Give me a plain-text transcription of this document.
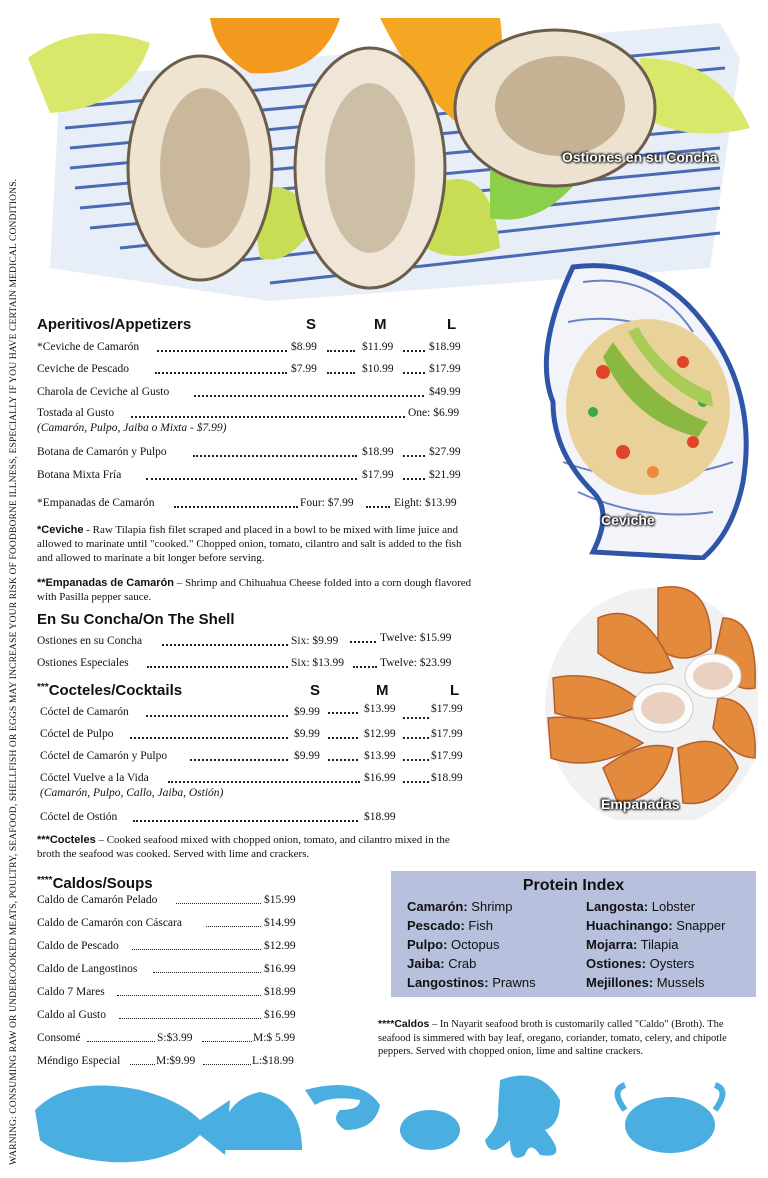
WARNING: CONSUMING RAW OR UNDERCOOKED MEATS, POULTRY, SEAFOOD, SHELLFISH OR EGGS MAY INCREASE YOUR RISK OF FOODBORNE ILLNESS, ESPECIALLY IF YOU HAVE CERTAIN MEDICAL CONDITIONS.
Ostiones en su Concha
Ceviche
Empanadas
Aperitivos/Appetizers	S	M	L
*Ceviche de Camarón	$8.99	$11.99	$18.99
Ceviche de Pescado	$7.99	$10.99	$17.99
Charola de Ceviche al Gusto	$49.99
Tostada al Gusto	One: $6.99
(Camarón, Pulpo, Jaiba o Mixta - $7.99)
Botana de Camarón y Pulpo	$18.99	$27.99
Botana Mixta Fría	$17.99	$21.99
*Empanadas de Camarón	Four: $7.99	Eight: $13.99
*Ceviche - Raw Tilapia fish filet scraped and placed in a bowl to be mixed with lime juice and allowed to marinate until "cooked." Chopped onion, tomato, cilantro and salt is added to the fish and allowed to marinate a bit longer before serving.
**Empanadas de Camarón – Shrimp and Chihuahua Cheese folded into a corn dough flavored with Pasilla pepper sauce.
En Su Concha/On The Shell
Ostiones en su Concha	Six: $9.99	Twelve: $15.99
Ostiones Especiales	Six: $13.99	Twelve: $23.99
***Cocteles/Cocktails	S	M	L
Cóctel de Camarón	$9.99	$13.99	$17.99
Cóctel de Pulpo	$9.99	$12.99	$17.99
Cóctel de Camarón y Pulpo	$9.99	$13.99	$17.99
Cóctel Vuelve a la Vida	$16.99	$18.99
(Camarón, Pulpo, Callo, Jaiba, Ostión)
Cóctel de Ostión	$18.99
***Cocteles – Cooked seafood mixed with chopped onion, tomato, and cilantro mixed in the broth the seafood was cooked. Served with lime and crackers.
****Caldos/Soups
Caldo de Camarón Pelado	$15.99
Caldo de Camarón con Cáscara	$14.99
Caldo de Pescado	$12.99
Caldo de Langostinos	$16.99
Caldo 7 Mares	$18.99
Caldo al Gusto	$16.99
Consomé	S:$3.99	M:$ 5.99
Méndigo Especial	M:$9.99	L:$18.99
Protein Index
Camarón: Shrimp
Pescado: Fish
Pulpo: Octopus
Jaiba: Crab
Langostinos: Prawns
Langosta: Lobster
Huachinango: Snapper
Mojarra: Tilapia
Ostiones: Oysters
Mejillones: Mussels
****Caldos – In Nayarit seafood broth is customarily called "Caldo" (Broth). The seafood is simmered with bay leaf, oregano, coriander, tomato, celery, and chipotle peppers. Served with chopped onion, lime and saltine crackers.
